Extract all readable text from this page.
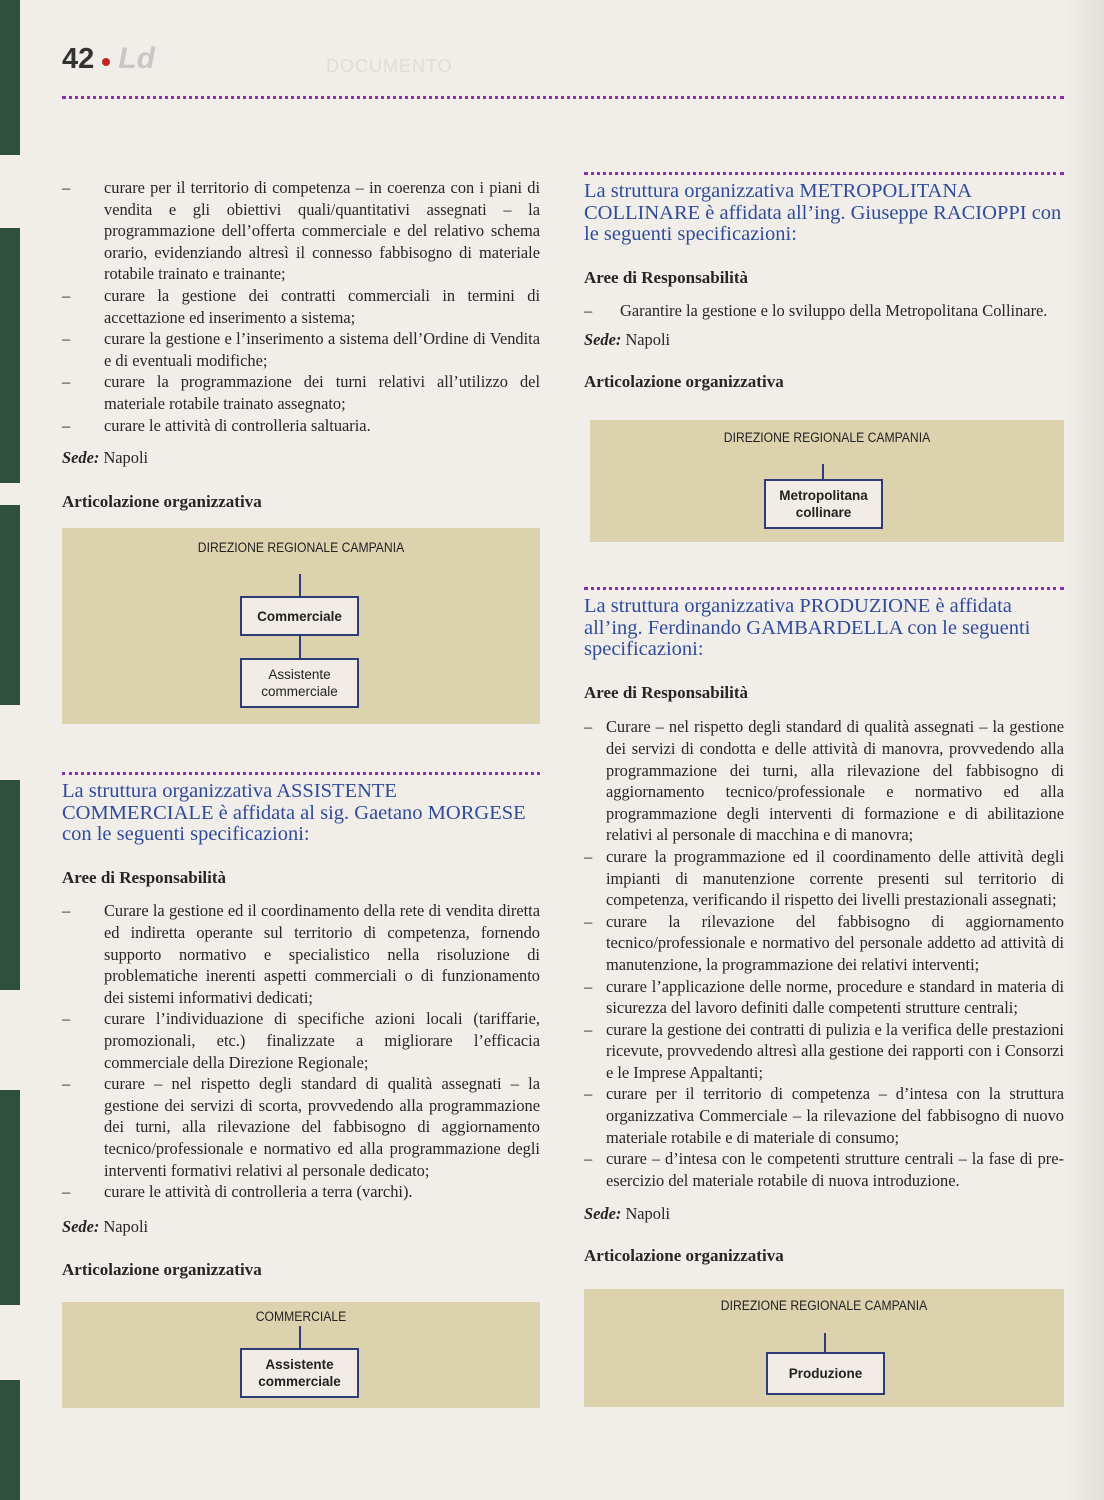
42 Ld	DOCUMENTO
– curare per il territorio di competenza – in coerenza con i piani di vendita e gli obiettivi quali/quantitativi assegnati – la programmazione dell’offerta commerciale e del relativo schema orario, evidenziando altresì il connesso fabbisogno di materiale rotabile trainato e trainante;
– curare la gestione dei contratti commerciali in termini di accettazione ed inserimento a sistema;
– curare la gestione e l’inserimento a sistema dell’Ordine di Vendita e di eventuali modifiche;
– curare la programmazione dei turni relativi all’utilizzo del materiale rotabile trainato assegnato;
– curare le attività di controlleria saltuaria.
Sede: Napoli
Articolazione organizzativa
DIREZIONE REGIONALE CAMPANIA
Commerciale
Assistente commerciale
La struttura organizzativa ASSISTENTE COMMERCIALE è affidata al sig. Gaetano MORGESE con le seguenti specificazioni:
Aree di Responsabilità
– Curare la gestione ed il coordinamento della rete di vendita diretta ed indiretta operante sul territorio di competenza, fornendo supporto normativo e specialistico nella risoluzione di problematiche inerenti aspetti commerciali o di funzionamento dei sistemi informativi dedicati;
– curare l’individuazione di specifiche azioni locali (tariffarie, promozionali, etc.) finalizzate a migliorare l’efficacia commerciale della Direzione Regionale;
– curare – nel rispetto degli standard di qualità assegnati – la gestione dei servizi di scorta, provvedendo alla programmazione dei turni, alla rilevazione del fabbisogno di aggiornamento tecnico/professionale e normativo ed alla programmazione degli interventi formativi relativi al personale dedicato;
– curare le attività di controlleria a terra (varchi).
Sede: Napoli
Articolazione organizzativa
COMMERCIALE
Assistente commerciale
La struttura organizzativa METROPOLITANA COLLINARE è affidata all’ing. Giuseppe RACIOPPI con le seguenti specificazioni:
Aree di Responsabilità
– Garantire la gestione e lo sviluppo della Metropolitana Collinare.
Sede: Napoli
Articolazione organizzativa
DIREZIONE REGIONALE CAMPANIA
Metropolitana collinare
La struttura organizzativa PRODUZIONE è affidata all’ing. Ferdinando GAMBARDELLA con le seguenti specificazioni:
Aree di Responsabilità
– Curare – nel rispetto degli standard di qualità assegnati – la gestione dei servizi di condotta e delle attività di manovra, provvedendo alla programmazione dei turni, alla rilevazione del fabbisogno di aggiornamento tecnico/professionale e normativo ed alla programmazione degli interventi di formazione e di abilitazione relativi al personale di macchina e di manovra;
– curare la programmazione ed il coordinamento delle attività degli impianti di manutenzione corrente presenti sul territorio di competenza, verificando il rispetto dei livelli prestazionali assegnati;
– curare la rilevazione del fabbisogno di aggiornamento tecnico/professionale e normativo del personale addetto ad attività di manutenzione, la programmazione dei relativi interventi;
– curare l’applicazione delle norme, procedure e standard in materia di sicurezza del lavoro definiti dalle competenti strutture centrali;
– curare la gestione dei contratti di pulizia e la verifica delle prestazioni ricevute, provvedendo altresì alla gestione dei rapporti con i Consorzi e le Imprese Appaltanti;
– curare per il territorio di competenza – d’intesa con la struttura organizzativa Commerciale – la rilevazione del fabbisogno di nuovo materiale rotabile e di materiale di consumo;
– curare – d’intesa con le competenti strutture centrali – la fase di pre-esercizio del materiale rotabile di nuova introduzione.
Sede: Napoli
Articolazione organizzativa
DIREZIONE REGIONALE CAMPANIA
Produzione
